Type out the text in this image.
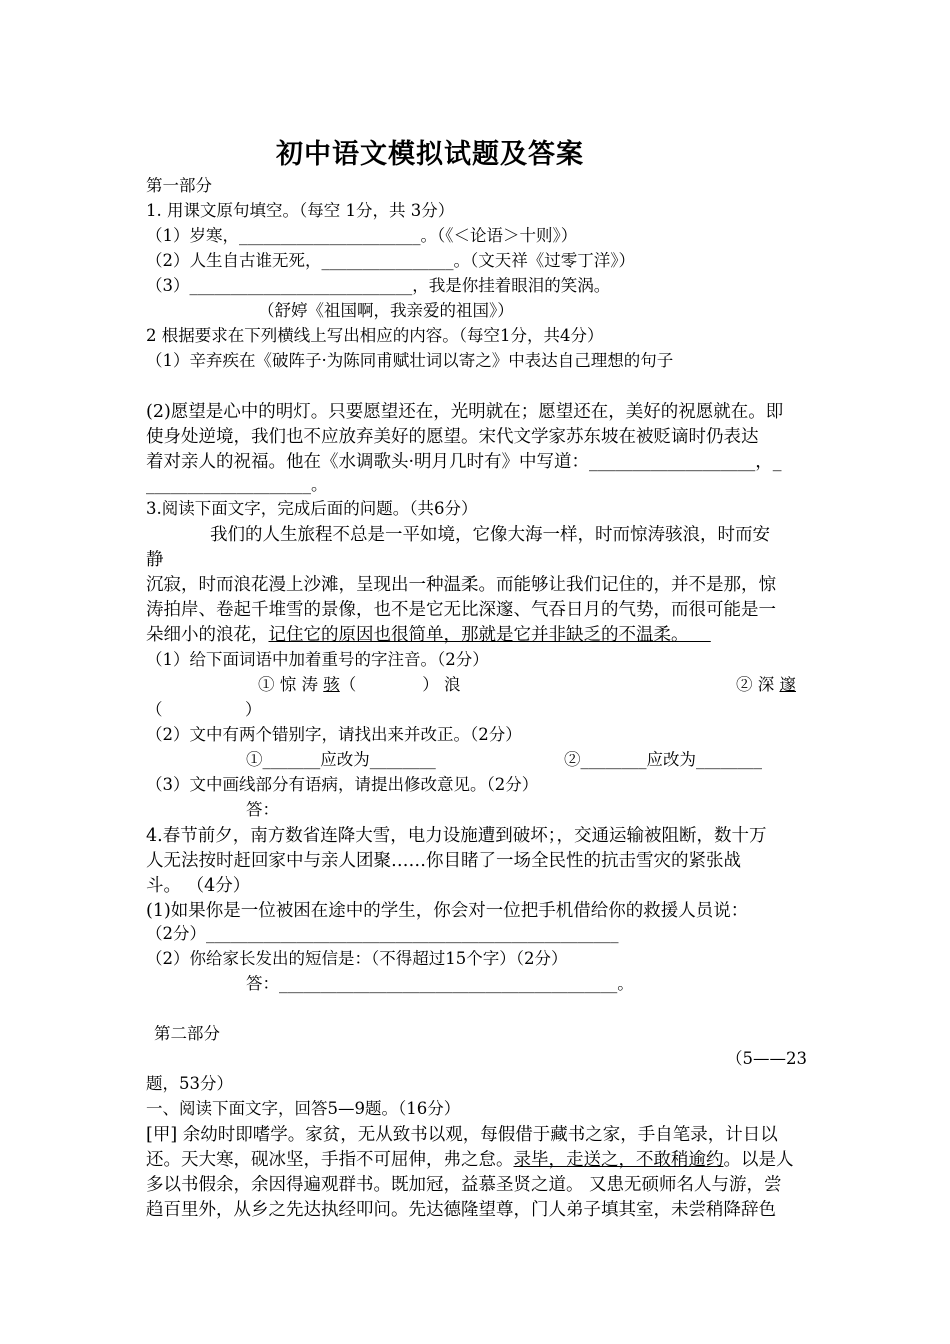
初中语文模拟试题及答案
第一部分
1. 用课文原句填空。（每空 1分，共 3分）
（1）岁寒，______________________。（《＜论语＞十则》）
（2）人生自古谁无死，________________。（文天祥《过零丁洋》）
（3）___________________________，我是你挂着眼泪的笑涡。
（舒婷《祖国啊，我亲爱的祖国》）
2 根据要求在下列横线上写出相应的内容。（每空1分，共4分）
（1）辛弃疾在《破阵子·为陈同甫赋壮词以寄之》中表达自己理想的句子
(2)愿望是心中的明灯。只要愿望还在，光明就在；愿望还在，美好的祝愿就在。即
使身处逆境，我们也不应放弃美好的愿望。宋代文学家苏东坡在被贬谪时仍表达
着对亲人的祝福。他在《水调歌头·明月几时有》中写道：___________________，_
____________________。
3.阅读下面文字，完成后面的问题。（共6分）
我们的人生旅程不总是一平如境，它像大海一样，时而惊涛骇浪，时而安
静
沉寂，时而浪花漫上沙滩，呈现出一种温柔。而能够让我们记住的，并不是那，惊
涛拍岸、卷起千堆雪的景像，也不是它无比深邃、气吞日月的气势，而很可能是一
朵细小的浪花，记住它的原因也很简单，那就是它并非缺乏的不温柔。
（1）给下面词语中加着重号的字注音。（2分）
① 惊 涛 骇（　　　　） 浪	② 深 邃
（　　　　　）
（2）文中有两个错别字，请找出来并改正。（2分）
①_______应改为________	②________应改为________
（3）文中画线部分有语病，请提出修改意见。（2分）
答：
4.春节前夕，南方数省连降大雪，电力设施遭到破坏；，交通运输被阻断，数十万
人无法按时赶回家中与亲人团聚……你目睹了一场全民性的抗击雪灾的紧张战
斗。 （4分）
(1)如果你是一位被困在途中的学生，你会对一位把手机借给你的救援人员说：
（2分）__________________________________________________
（2）你给家长发出的短信是：（不得超过15个字）（2分）
答：_________________________________________。
第二部分
（5——23
题，53分）
一、阅读下面文字，回答5—9题。（16分）
[甲] 余幼时即嗜学。家贫，无从致书以观，每假借于藏书之家，手自笔录，计日以
还。天大寒，砚冰坚，手指不可屈伸，弗之怠。录毕，走送之，不敢稍逾约。以是人
多以书假余，余因得遍观群书。既加冠，益慕圣贤之道。 又患无硕师名人与游，尝
趋百里外，从乡之先达执经叩问。先达德隆望尊，门人弟子填其室，未尝稍降辞色
